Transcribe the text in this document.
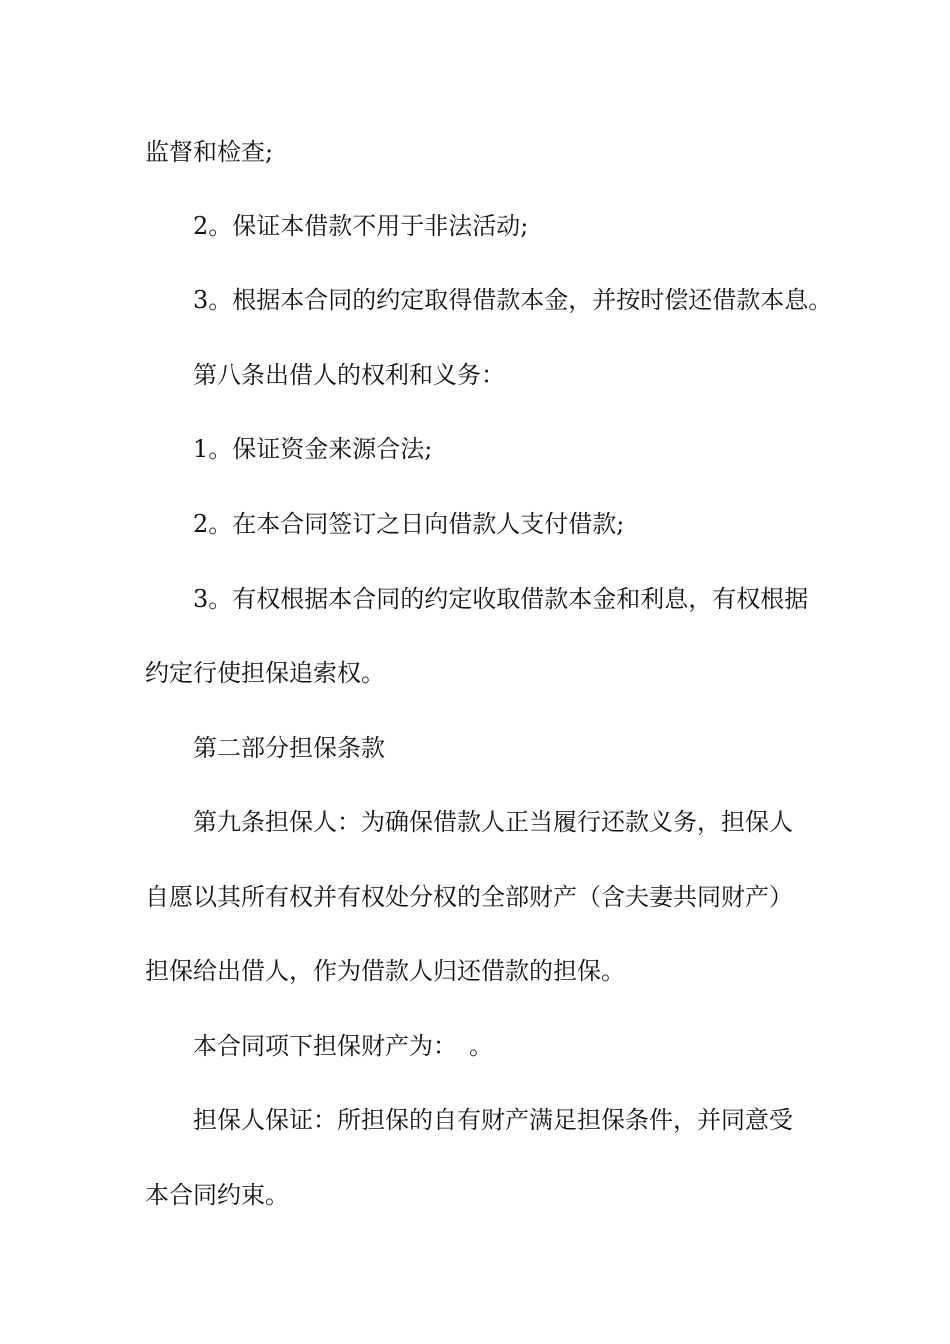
监督和检查;
2。保证本借款不用于非法活动;
3。根据本合同的约定取得借款本金，并按时偿还借款本息。
第八条出借人的权利和义务：
1。保证资金来源合法;
2。在本合同签订之日向借款人支付借款;
3。有权根据本合同的约定收取借款本金和利息，有权根据
约定行使担保追索权。
第二部分担保条款
第九条担保人：为确保借款人正当履行还款义务，担保人
自愿以其所有权并有权处分权的全部财产（含夫妻共同财产）
担保给出借人，作为借款人归还借款的担保。
本合同项下担保财产为：　。
担保人保证：所担保的自有财产满足担保条件，并同意受
本合同约束。
